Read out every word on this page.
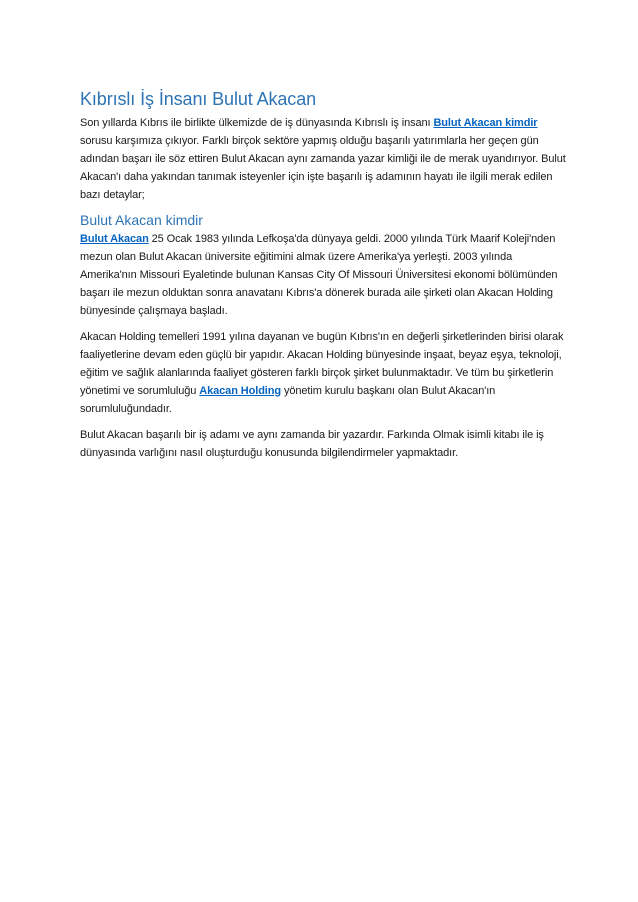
Kıbrıslı İş İnsanı Bulut Akacan

Son yıllarda Kıbrıs ile birlikte ülkemizde de iş dünyasında Kıbrıslı iş insanı Bulut Akacan kimdir sorusu karşımıza çıkıyor. Farklı birçok sektöre yapmış olduğu başarılı yatırımlarla her geçen gün adından başarı ile söz ettiren Bulut Akacan aynı zamanda yazar kimliği ile de merak uyandırıyor. Bulut Akacan'ı daha yakından tanımak isteyenler için işte başarılı iş adamının hayatı ile ilgili merak edilen bazı detaylar;

Bulut Akacan kimdir

Bulut Akacan 25 Ocak 1983 yılında Lefkoşa'da dünyaya geldi. 2000 yılında Türk Maarif Koleji'nden mezun olan Bulut Akacan üniversite eğitimini almak üzere Amerika'ya yerleşti. 2003 yılında Amerika'nın Missouri Eyaletinde bulunan Kansas City Of Missouri Üniversitesi ekonomi bölümünden başarı ile mezun olduktan sonra anavatanı Kıbrıs'a dönerek burada aile şirketi olan Akacan Holding bünyesinde çalışmaya başladı.

Akacan Holding temelleri 1991 yılına dayanan ve bugün Kıbrıs'ın en değerli şirketlerinden birisi olarak faaliyetlerine devam eden güçlü bir yapıdır. Akacan Holding bünyesinde inşaat, beyaz eşya, teknoloji, eğitim ve sağlık alanlarında faaliyet gösteren farklı birçok şirket bulunmaktadır. Ve tüm bu şirketlerin yönetimi ve sorumluluğu Akacan Holding yönetim kurulu başkanı olan Bulut Akacan'ın sorumluluğundadır.

Bulut Akacan başarılı bir iş adamı ve aynı zamanda bir yazardır. Farkında Olmak isimli kitabı ile iş dünyasında varlığını nasıl oluşturduğu konusunda bilgilendirmeler yapmaktadır.
